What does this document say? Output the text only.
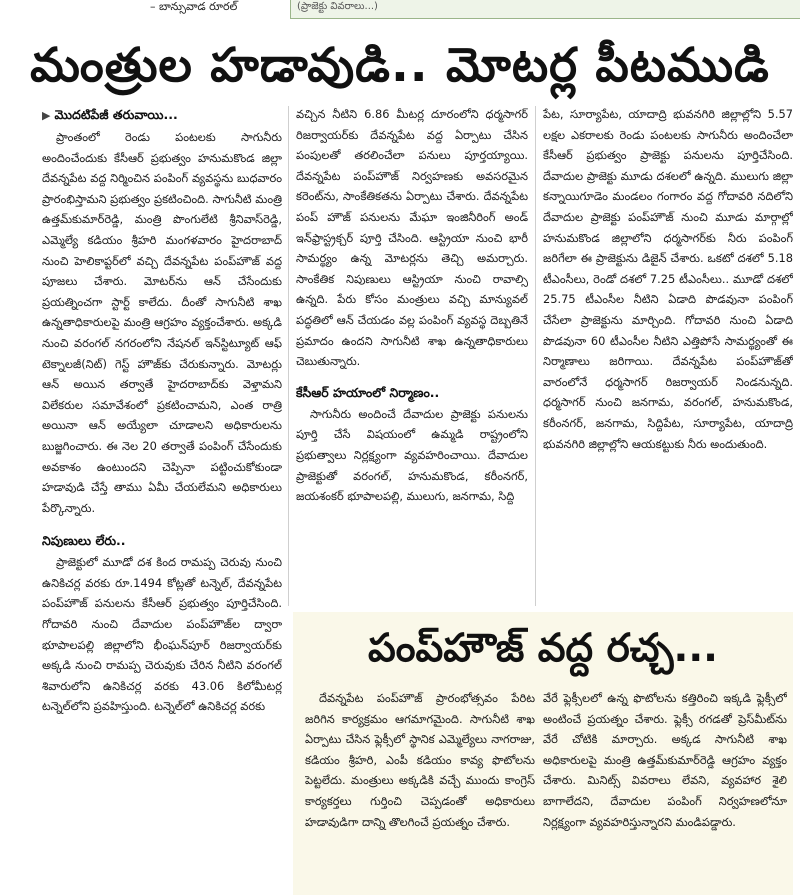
– బాన్సువాడ రూరల్‌	(ప్రాజెక్టు వివరాలు...)
మంత్రుల హడావుడి.. మోటర్ల పీటముడి
▶ మొదటిపేజీ తరువాయి...

ప్రాంతంలో రెండు పంటలకు సాగునీరు అందించేందుకు కేసీఆర్‌ ప్రభుత్వం హనుమకొండ జిల్లా దేవన్నపేట వద్ద నిర్మించిన పంపింగ్‌ వ్యవస్థను బుధవారం ప్రారంభిస్తామని ప్రభుత్వం ప్రకటించింది. సాగునీటి మంత్రి ఉత్తమ్‌కుమార్‌రెడ్డి, మంత్రి పొంగులేటి శ్రీనివాస్‌రెడ్డి, ఎమ్మెల్యే కడియం శ్రీహరి మంగళవారం హైదరాబాద్‌ నుంచి హెలికాప్టర్‌లో వచ్చి దేవన్నపేట పంప్‌హౌజ్‌ వద్ద పూజలు చేశారు. మోటర్‌ను ఆన్‌ చేసేందుకు ప్రయత్నించగా స్టార్ట్‌ కాలేదు. దీంతో సాగునీటి శాఖ ఉన్నతాధికారులపై మంత్రి ఆగ్రహం వ్యక్తంచేశారు. అక్కడి నుంచి వరంగల్‌ నగరంలోని నేషనల్‌ ఇన్‌స్టిట్యూట్‌ ఆఫ్‌ టెక్నాలజీ(నిట్‌) గెస్ట్‌ హౌజ్‌కు చేరుకున్నారు. మోటర్లు ఆన్‌ అయిన తర్వాతే హైదరాబాద్‌కు వెళ్తామని విలేకరుల సమావేశంలో ప్రకటించామని, ఎంత రాత్రి అయినా ఆన్‌ అయ్యేలా చూడాలని అధికారులను బుజ్జగించారు. ఈ నెల 20 తర్వాతే పంపింగ్‌ చేసేందుకు అవకాశం ఉంటుందని చెప్పినా పట్టించుకోకుండా హడావుడి చేస్తే తాము ఏమీ చేయలేమని అధికారులు పేర్కొన్నారు.

నిపుణులు లేరు..

ప్రాజెక్టులో మూడో దశ కింద రామప్ప చెరువు నుంచి ఉనికిచర్ల వరకు రూ.1494 కోట్లతో టన్నెల్‌, దేవన్నపేట పంప్‌హౌజ్‌ పనులను కేసీఆర్‌ ప్రభుత్వం పూర్తిచేసింది. గోదావరి నుంచి దేవాదుల పంప్‌హౌజ్‌ల ద్వారా భూపాలపల్లి జిల్లాలోని భీంఘన్‌పూర్‌ రిజర్వాయర్‌కు అక్కడి నుంచి రామప్ప చెరువుకు చేరిన నీటిని వరంగల్‌ శివారులోని ఉనికిచర్ల వరకు 43.06 కిలోమీటర్ల టన్నెల్‌లోని ప్రవహిస్తుంది. టన్నెల్‌లో ఉనికిచర్ల వరకు

వచ్చిన నీటిని 6.86 మీటర్ల దూరంలోని ధర్మసాగర్‌ రిజర్వాయర్‌కు దేవన్నపేట వద్ద ఏర్పాటు చేసిన పంపులతో తరలించేలా పనులు పూర్తయ్యాయి. దేవన్నపేట పంప్‌హౌజ్‌ నిర్వహణకు అవసరమైన కరెంట్‌ను, సాంకేతికతను ఏర్పాటు చేశారు. దేవన్నపేట పంప్‌ హౌజ్‌ పనులను మేఘా ఇంజినీరింగ్‌ అండ్‌ ఇన్‌ఫ్రాస్ట్రక్చర్‌ పూర్తి చేసింది. ఆస్ట్రియా నుంచి భారీ సామర్థ్యం ఉన్న మోటర్లను తెచ్చి అమర్చారు. సాంకేతిక నిపుణులు ఆస్ట్రియా నుంచి రావాల్సి ఉన్నది. పేరు కోసం మంత్రులు వచ్చి మాన్యువల్‌ పద్ధతిలో ఆన్‌ చేయడం వల్ల పంపింగ్‌ వ్యవస్థ దెబ్బతినే ప్రమాదం ఉందని సాగునీటి శాఖ ఉన్నతాధికారులు చెబుతున్నారు.

కేసీఆర్‌ హయాంలో నిర్మాణం..

సాగునీరు అందించే దేవాదుల ప్రాజెక్టు పనులను పూర్తి చేసే విషయంలో ఉమ్మడి రాష్ట్రంలోని ప్రభుత్వాలు నిర్లక్ష్యంగా వ్యవహరించాయి. దేవాదుల ప్రాజెక్టుతో వరంగల్‌, హనుమకొండ, కరీంనగర్‌, జయశంకర్‌ భూపాలపల్లి, ములుగు, జనగామ, సిద్ది

పేట, సూర్యాపేట, యాదాద్రి భువనగిరి జిల్లాల్లోని 5.57 లక్షల ఎకరాలకు రెండు పంటలకు సాగునీరు అందించేలా కేసీఆర్‌ ప్రభుత్వం ప్రాజెక్టు పనులను పూర్తిచేసింది. దేవాదుల ప్రాజెక్టు మూడు దశలలో ఉన్నది. ములుగు జిల్లా కన్నాయిగూడెం మండలం గంగారం వద్ద గోదావరి నదిలోని దేవాదుల ప్రాజెక్టు పంప్‌హౌజ్‌ నుంచి మూడు మార్గాల్లో హనుమకొండ జిల్లాలోని ధర్మసాగర్‌కు నీరు పంపింగ్‌ జరిగేలా ఈ ప్రాజెక్టును డిజైన్‌ చేశారు. ఒకటో దశలో 5.18 టీఎంసీలు, రెండో దశలో 7.25 టీఎంసీలు.. మూడో దశలో 25.75 టీఎంసీల నీటిని ఏడాది పొడవునా పంపింగ్‌ చేసేలా ప్రాజెక్టును మార్చింది. గోదావరి నుంచి ఏడాది పొడవునా 60 టీఎంసీల నీటిని ఎత్తిపోసే సామర్థ్యంతో ఈ నిర్మాణాలు జరిగాయి. దేవన్నపేట పంప్‌హౌజ్‌తో వారంలోనే ధర్మసాగర్‌ రిజర్వాయర్‌ నిండనున్నది. ధర్మసాగర్‌ నుంచి జనగామ, వరంగల్‌, హనుమకొండ, కరీంనగర్‌, జనగామ, సిద్దిపేట, సూర్యాపేట, యాదాద్రి భువనగిరి జిల్లాల్లోని ఆయకట్టుకు నీరు అందుతుంది.

పంప్‌హౌజ్‌ వద్ద రచ్చ...

దేవన్నపేట పంప్‌హౌజ్‌ ప్రారంభోత్సవం పేరిట జరిగిన కార్యక్రమం ఆగమాగమైంది. సాగునీటి శాఖ ఏర్పాటు చేసిన ఫ్లెక్సీలో స్థానిక ఎమ్మెల్యేలు నాగరాజు, కడియం శ్రీహరి, ఎంపీ కడియం కావ్య ఫొటోలను పెట్టలేదు. మంత్రులు అక్కడికి వచ్చే ముందు కాంగ్రెస్‌ కార్యకర్తలు గుర్తించి చెప్పడంతో అధికారులు హడావుడిగా దాన్ని తొలగించే ప్రయత్నం చేశారు.

వేరే ఫ్లెక్సీలలో ఉన్న ఫొటోలను కత్తిరించి ఇక్కడి ఫ్లెక్సీలో అంటించే ప్రయత్నం చేశారు. ఫ్లెక్సీ రగడతో ప్రెస్‌మీట్‌ను వేరే చోటికి మార్చారు. అక్కడ సాగునీటి శాఖ అధికారులపై మంత్రి ఉత్తమ్‌కుమార్‌రెడ్డి ఆగ్రహం వ్యక్తం చేశారు. మినిట్స్‌ వివరాలు లేవని, వ్యవహార శైలి బాగాలేదని, దేవాదుల పంపింగ్‌ నిర్వహణలోనూ నిర్లక్ష్యంగా వ్యవహరిస్తున్నారని మండిపడ్డారు.
